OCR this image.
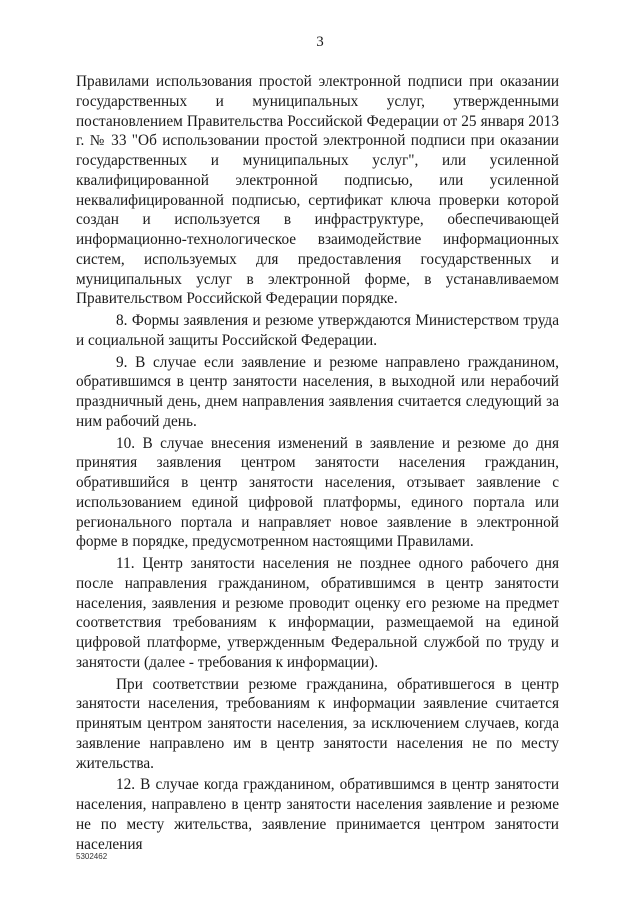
3

Правилами использования простой электронной подписи при оказании государственных и муниципальных услуг, утвержденными постановлением Правительства Российской Федерации от 25 января 2013 г. № 33 "Об использовании простой электронной подписи при оказании государственных и муниципальных услуг", или усиленной квалифицированной электронной подписью, или усиленной неквалифицированной подписью, сертификат ключа проверки которой создан и используется в инфраструктуре, обеспечивающей информационно-технологическое взаимодействие информационных систем, используемых для предоставления государственных и муниципальных услуг в электронной форме, в устанавливаемом Правительством Российской Федерации порядке.

8. Формы заявления и резюме утверждаются Министерством труда и социальной защиты Российской Федерации.

9. В случае если заявление и резюме направлено гражданином, обратившимся в центр занятости населения, в выходной или нерабочий праздничный день, днем направления заявления считается следующий за ним рабочий день.

10. В случае внесения изменений в заявление и резюме до дня принятия заявления центром занятости населения гражданин, обратившийся в центр занятости населения, отзывает заявление с использованием единой цифровой платформы, единого портала или регионального портала и направляет новое заявление в электронной форме в порядке, предусмотренном настоящими Правилами.

11. Центр занятости населения не позднее одного рабочего дня после направления гражданином, обратившимся в центр занятости населения, заявления и резюме проводит оценку его резюме на предмет соответствия требованиям к информации, размещаемой на единой цифровой платформе, утвержденным Федеральной службой по труду и занятости (далее - требования к информации).

При соответствии резюме гражданина, обратившегося в центр занятости населения, требованиям к информации заявление считается принятым центром занятости населения, за исключением случаев, когда заявление направлено им в центр занятости населения не по месту жительства.

12. В случае когда гражданином, обратившимся в центр занятости населения, направлено в центр занятости населения заявление и резюме не по месту жительства, заявление принимается центром занятости населения

5302462
